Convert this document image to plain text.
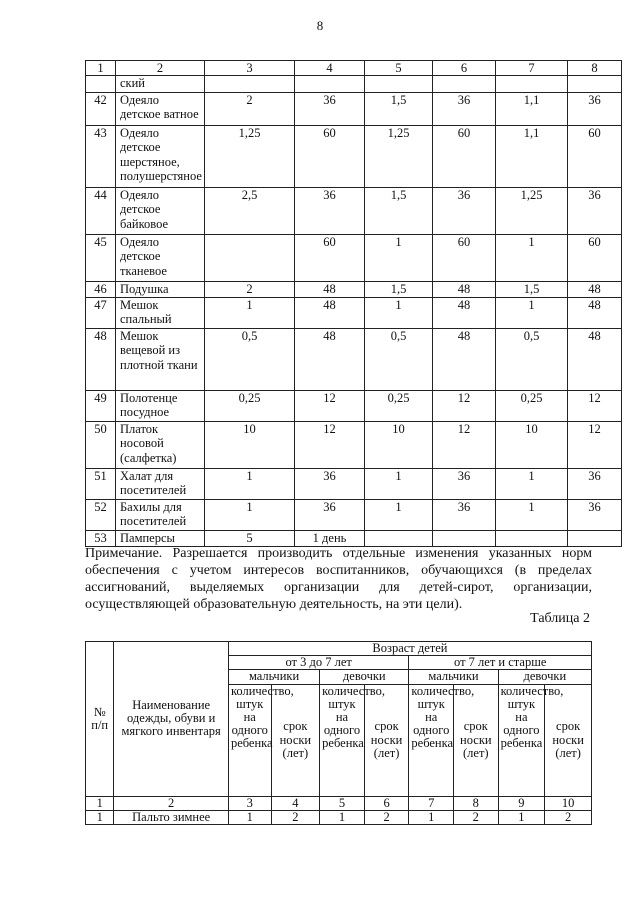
8
1	2	3	4	5	6	7	8
	ский						
42	Одеяло детское ватное	2	36	1,5	36	1,1	36
43	Одеяло детское шерстяное, полушерстяное	1,25	60	1,25	60	1,1	60
44	Одеяло детское байковое	2,5	36	1,5	36	1,25	36
45	Одеяло детское тканевое		60	1	60	1	60
46	Подушка	2	48	1,5	48	1,5	48
47	Мешок спальный	1	48	1	48	1	48
48	Мешок вещевой из плотной ткани	0,5	48	0,5	48	0,5	48
49	Полотенце посудное	0,25	12	0,25	12	0,25	12
50	Платок носовой (салфетка)	10	12	10	12	10	12
51	Халат для посетителей	1	36	1	36	1	36
52	Бахилы для посетителей	1	36	1	36	1	36
53	Памперсы	5	1 день				
Примечание. Разрешается производить отдельные изменения указанных норм обеспечения с учетом интересов воспитанников, обучающихся (в пределах ассигнований, выделяемых организации для детей-сирот, организации, осуществляющей образовательную деятельность, на эти цели).
Таблица 2
№ п/п	Наименование одежды, обуви и мягкого инвентаря	Возраст детей							
		от 3 до 7 лет				от 7 лет и старше			
		мальчики		девочки		мальчики		девочки	
		количество, штук на одного ребенка	срок носки (лет)	количество, штук на одного ребенка	срок носки (лет)	количество, штук на одного ребенка	срок носки (лет)	количество, штук на одного ребенка	срок носки (лет)
1	2	3	4	5	6	7	8	9	10
1	Пальто зимнее	1	2	1	2	1	2	1	2
